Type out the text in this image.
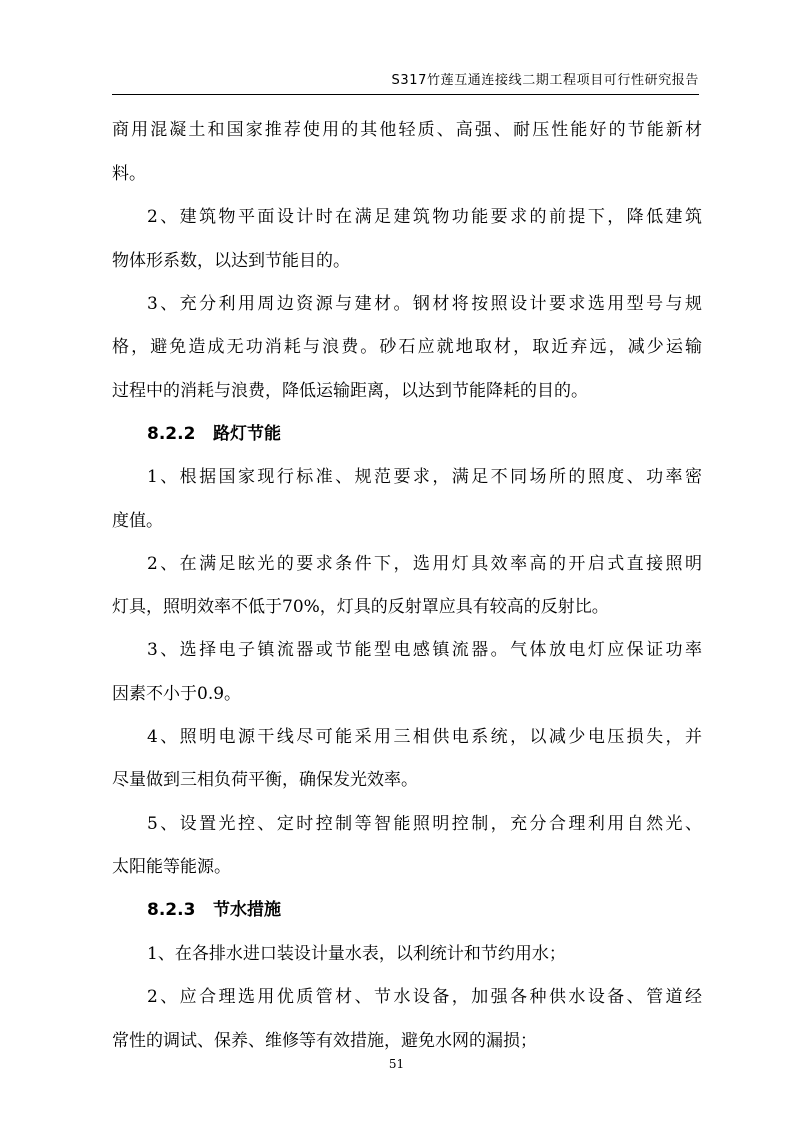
S317竹莲互通连接线二期工程项目可行性研究报告
商用混凝土和国家推荐使用的其他轻质、高强、耐压性能好的节能新材
料。
2、建筑物平面设计时在满足建筑物功能要求的前提下，降低建筑
物体形系数，以达到节能目的。
3、充分利用周边资源与建材。钢材将按照设计要求选用型号与规
格，避免造成无功消耗与浪费。砂石应就地取材，取近弃远，减少运输
过程中的消耗与浪费，降低运输距离，以达到节能降耗的目的。
8.2.2 路灯节能
1、根据国家现行标准、规范要求，满足不同场所的照度、功率密
度值。
2、在满足眩光的要求条件下，选用灯具效率高的开启式直接照明
灯具，照明效率不低于70%，灯具的反射罩应具有较高的反射比。
3、选择电子镇流器或节能型电感镇流器。气体放电灯应保证功率
因素不小于0.9。
4、照明电源干线尽可能采用三相供电系统，以减少电压损失，并
尽量做到三相负荷平衡，确保发光效率。
5、设置光控、定时控制等智能照明控制，充分合理利用自然光、
太阳能等能源。
8.2.3 节水措施
1、在各排水进口装设计量水表，以利统计和节约用水；
2、应合理选用优质管材、节水设备，加强各种供水设备、管道经
常性的调试、保养、维修等有效措施，避免水网的漏损；
51
